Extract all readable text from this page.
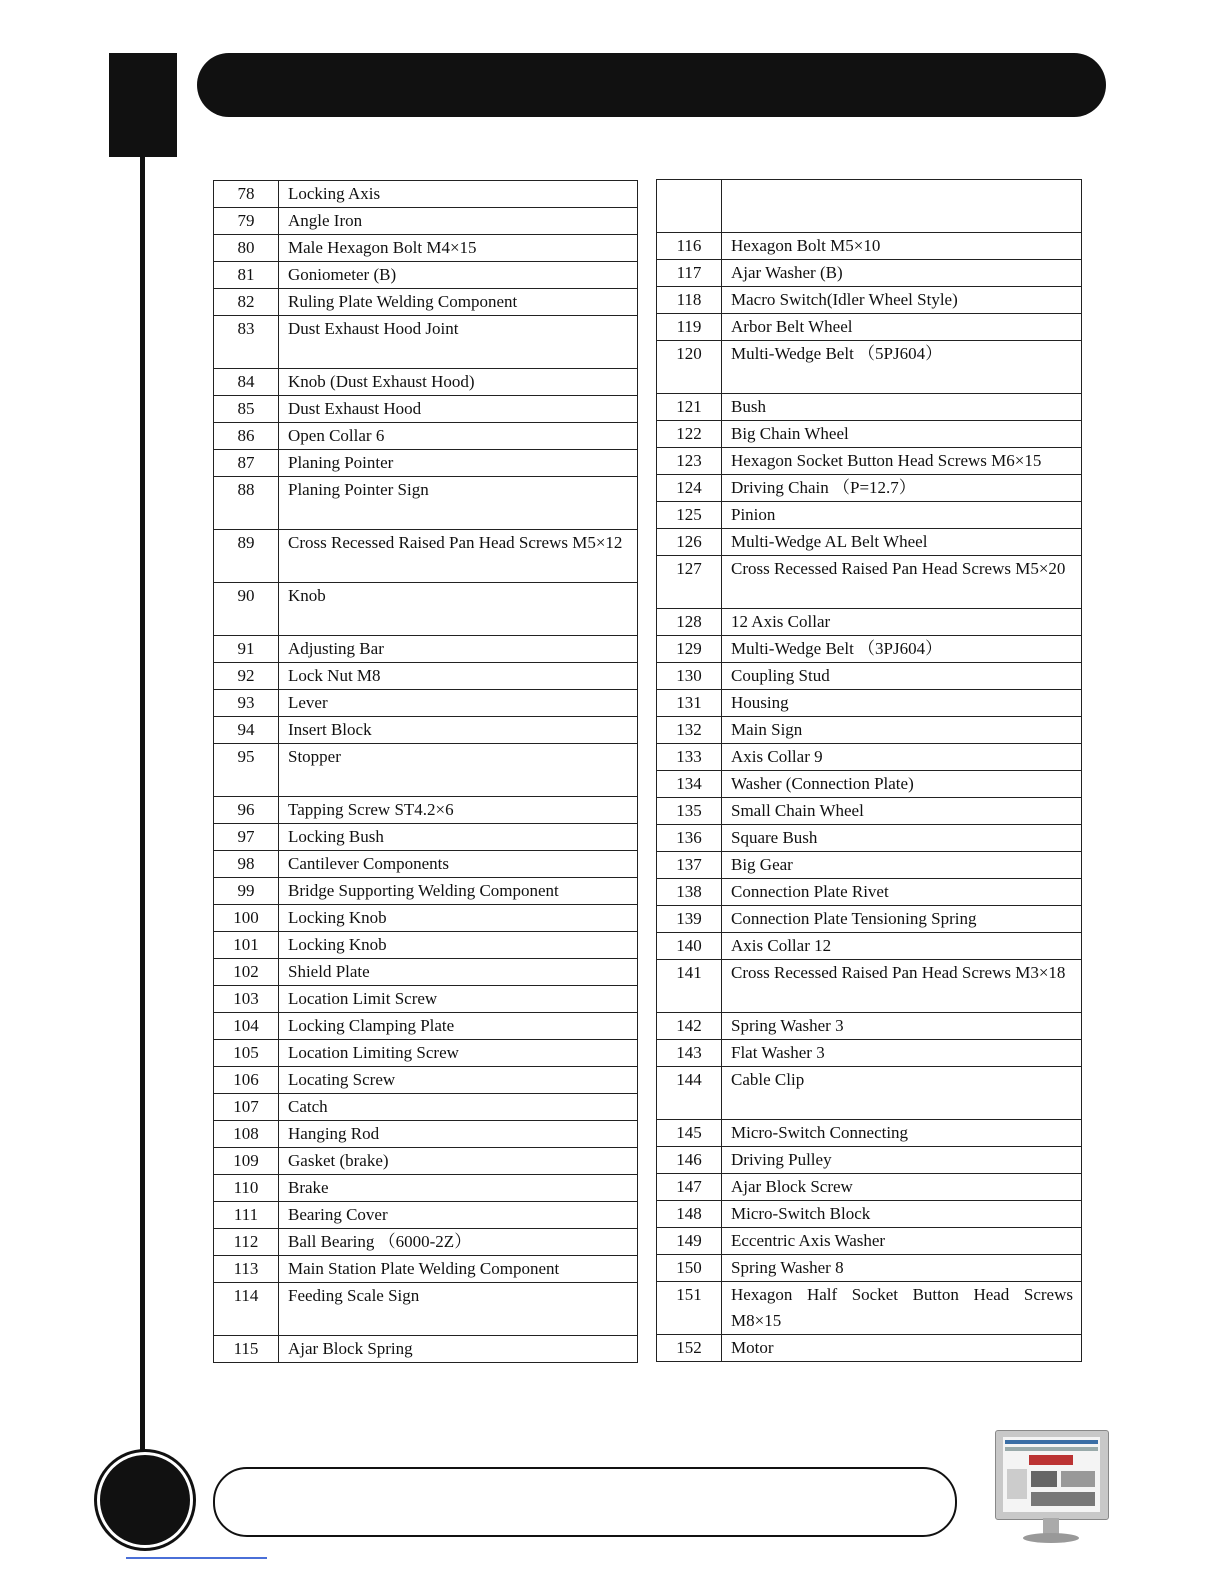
78	Locking Axis
79	Angle Iron
80	Male Hexagon Bolt M4×15
81	Goniometer (B)
82	Ruling Plate Welding Component
83	Dust Exhaust Hood Joint
84	Knob (Dust Exhaust Hood)
85	Dust Exhaust Hood
86	Open Collar 6
87	Planing Pointer
88	Planing Pointer Sign
89	Cross Recessed Raised Pan Head Screws M5×12
90	Knob
91	Adjusting Bar
92	Lock Nut M8
93	Lever
94	Insert Block
95	Stopper
96	Tapping Screw ST4.2×6
97	Locking Bush
98	Cantilever Components
99	Bridge Supporting Welding Component
100	Locking Knob
101	Locking Knob
102	Shield Plate
103	Location Limit Screw
104	Locking Clamping Plate
105	Location Limiting Screw
106	Locating Screw
107	Catch
108	Hanging Rod
109	Gasket (brake)
110	Brake
111	Bearing Cover
112	Ball Bearing （6000-2Z）
113	Main Station Plate Welding Component
114	Feeding Scale Sign
115	Ajar Block Spring

116	Hexagon Bolt M5×10
117	Ajar Washer (B)
118	Macro Switch(Idler Wheel Style)
119	Arbor Belt Wheel
120	Multi-Wedge Belt （5PJ604）
121	Bush
122	Big Chain Wheel
123	Hexagon Socket Button Head Screws M6×15
124	Driving Chain （P=12.7）
125	Pinion
126	Multi-Wedge AL Belt Wheel
127	Cross Recessed Raised Pan Head Screws M5×20
128	12 Axis Collar
129	Multi-Wedge Belt （3PJ604）
130	Coupling Stud
131	Housing
132	Main Sign
133	Axis Collar 9
134	Washer (Connection Plate)
135	Small Chain Wheel
136	Square Bush
137	Big Gear
138	Connection Plate Rivet
139	Connection Plate Tensioning Spring
140	Axis Collar 12
141	Cross Recessed Raised Pan Head Screws M3×18
142	Spring Washer 3
143	Flat Washer 3
144	Cable Clip
145	Micro-Switch Connecting
146	Driving Pulley
147	Ajar Block Screw
148	Micro-Switch Block
149	Eccentric Axis Washer
150	Spring Washer 8
151	Hexagon Half Socket Button Head Screws M8×15
152	Motor
